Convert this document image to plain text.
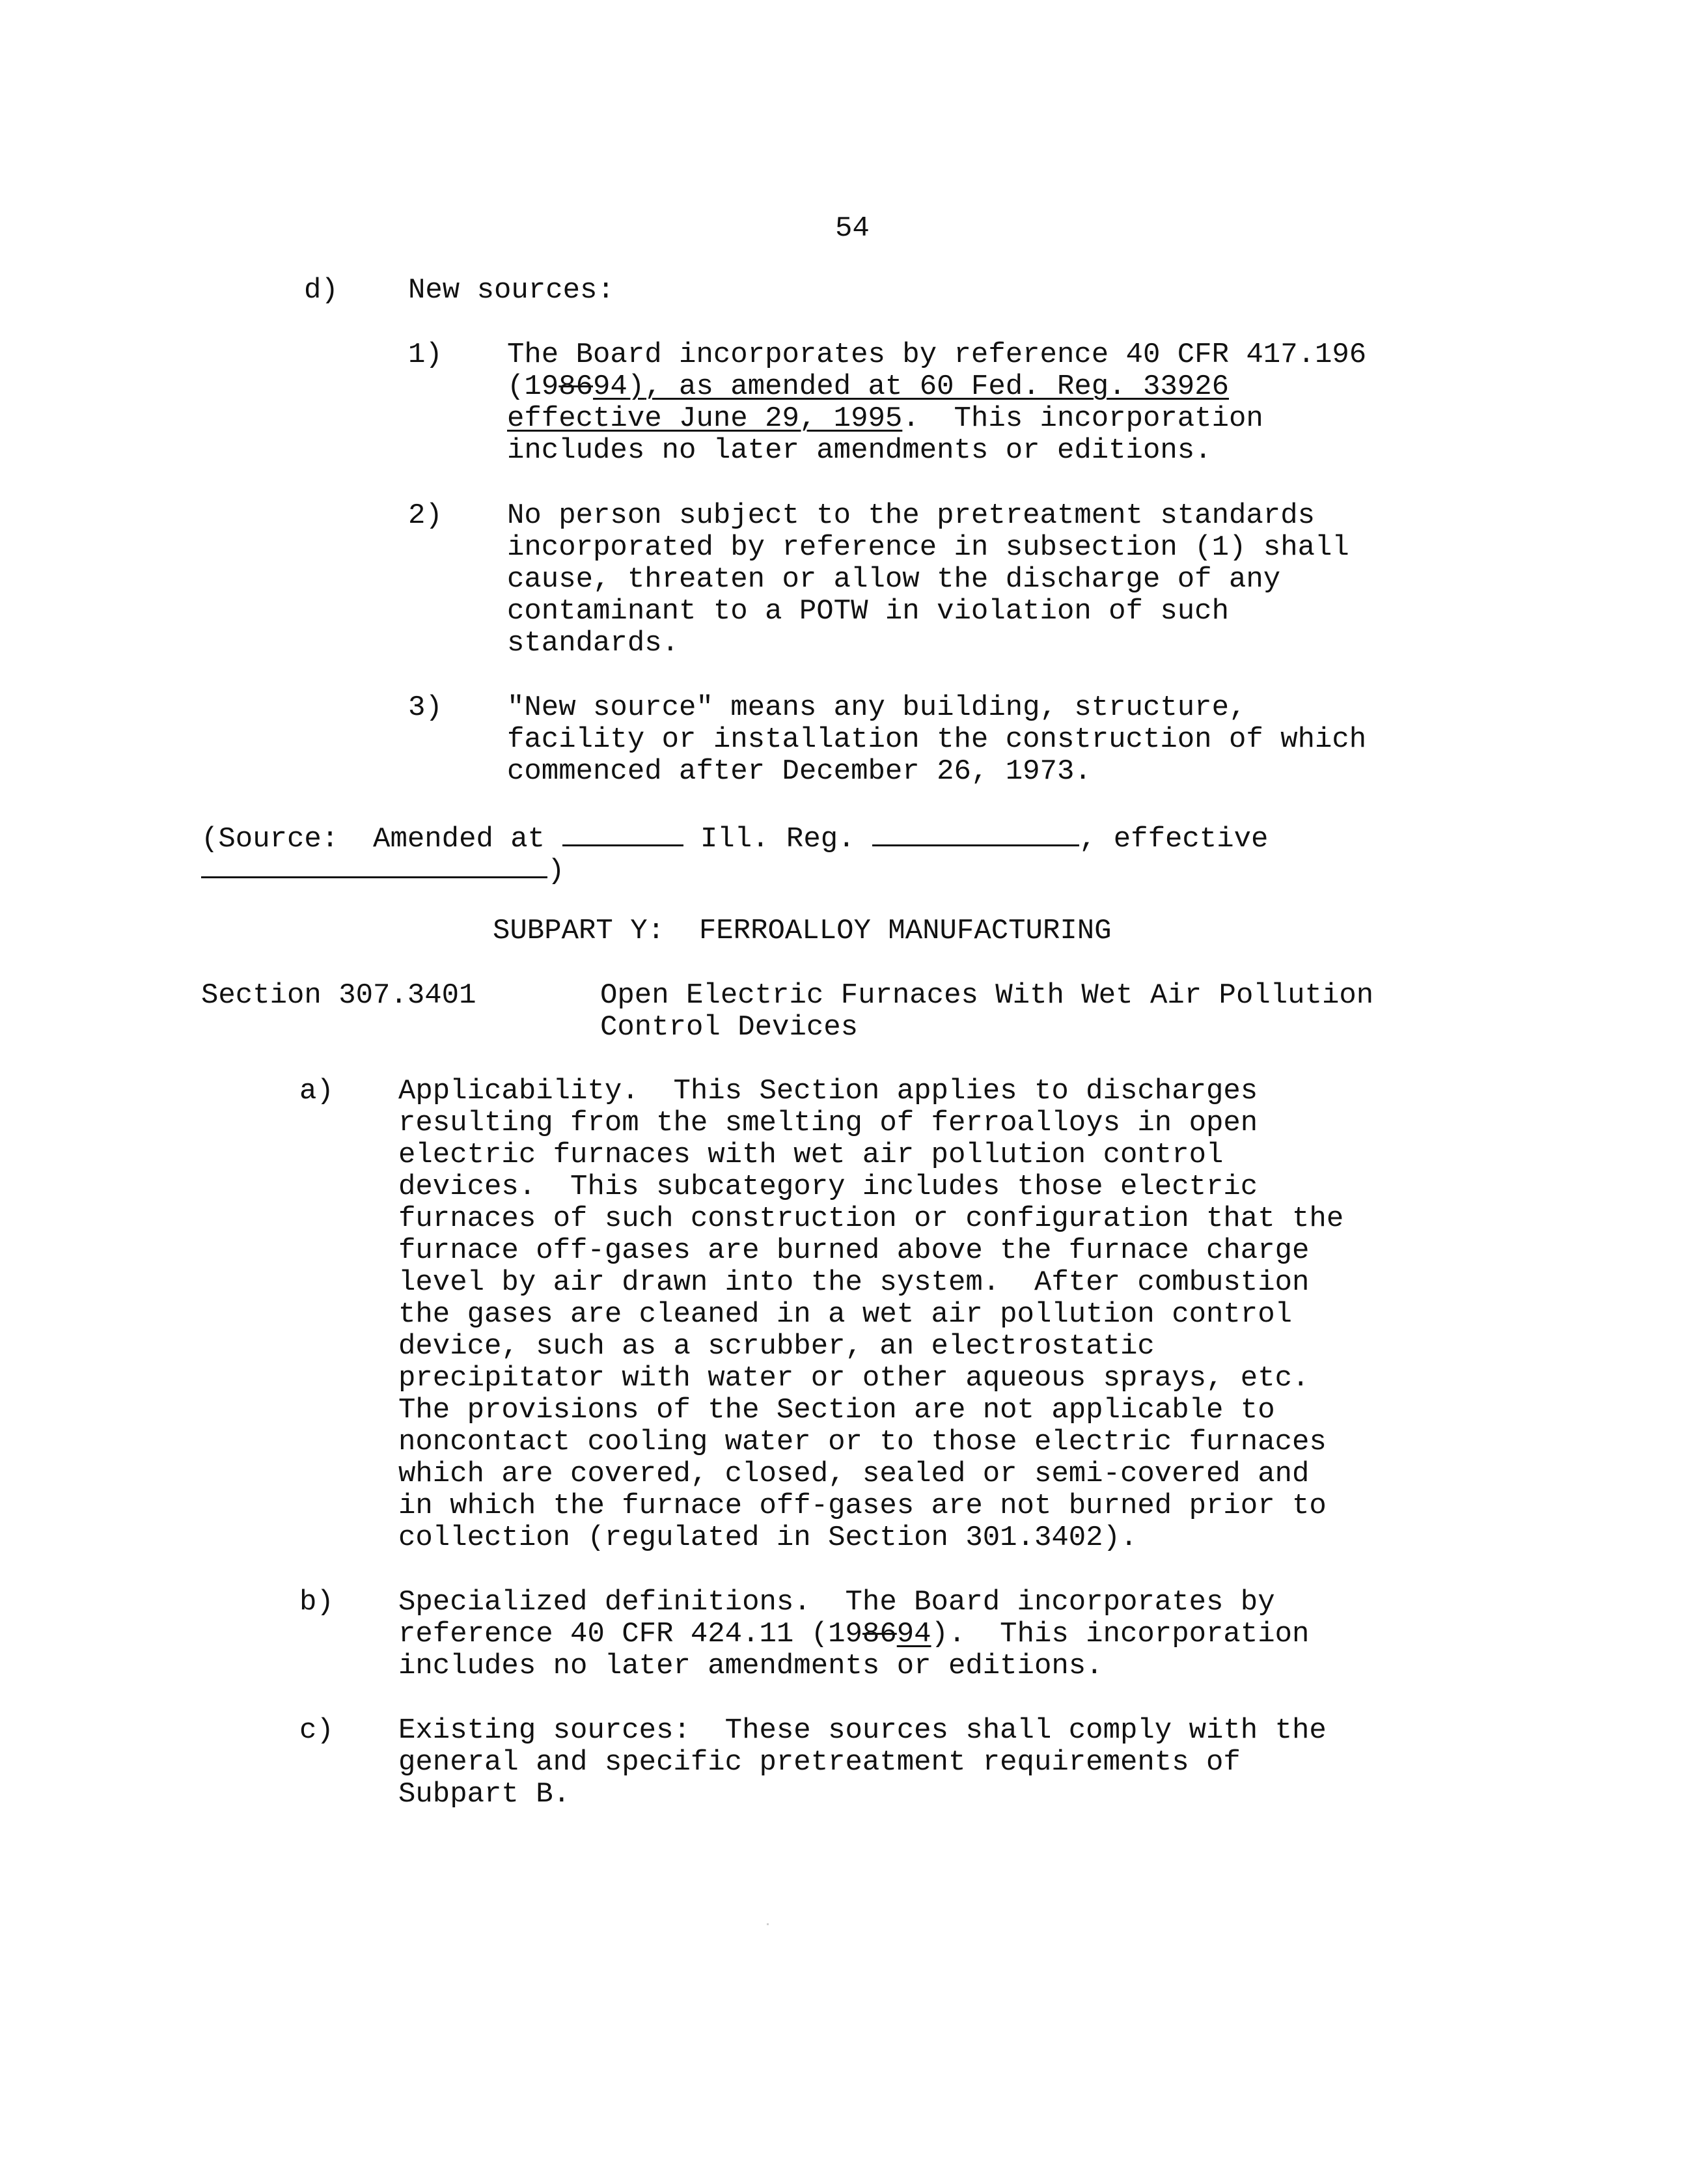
54
d) New sources:
1) The Board incorporates by reference 40 CFR 417.196
(198694), as amended at 60 Fed. Reg. 33926
effective June 29, 1995.  This incorporation
includes no later amendments or editions.
2) No person subject to the pretreatment standards
incorporated by reference in subsection (1) shall
cause, threaten or allow the discharge of any
contaminant to a POTW in violation of such
standards.
3) "New source" means any building, structure,
facility or installation the construction of which
commenced after December 26, 1973.
(Source:  Amended at	Ill. Reg.	, effective
)
SUBPART Y:  FERROALLOY MANUFACTURING
Section 307.3401	Open Electric Furnaces With Wet Air Pollution
Control Devices
a) Applicability.  This Section applies to discharges
resulting from the smelting of ferroalloys in open
electric furnaces with wet air pollution control
devices.  This subcategory includes those electric
furnaces of such construction or configuration that the
furnace off-gases are burned above the furnace charge
level by air drawn into the system.  After combustion
the gases are cleaned in a wet air pollution control
device, such as a scrubber, an electrostatic
precipitator with water or other aqueous sprays, etc.
The provisions of the Section are not applicable to
noncontact cooling water or to those electric furnaces
which are covered, closed, sealed or semi-covered and
in which the furnace off-gases are not burned prior to
collection (regulated in Section 301.3402).
b) Specialized definitions.  The Board incorporates by
reference 40 CFR 424.11 (198694).  This incorporation
includes no later amendments or editions.
c) Existing sources:  These sources shall comply with the
general and specific pretreatment requirements of
Subpart B.
